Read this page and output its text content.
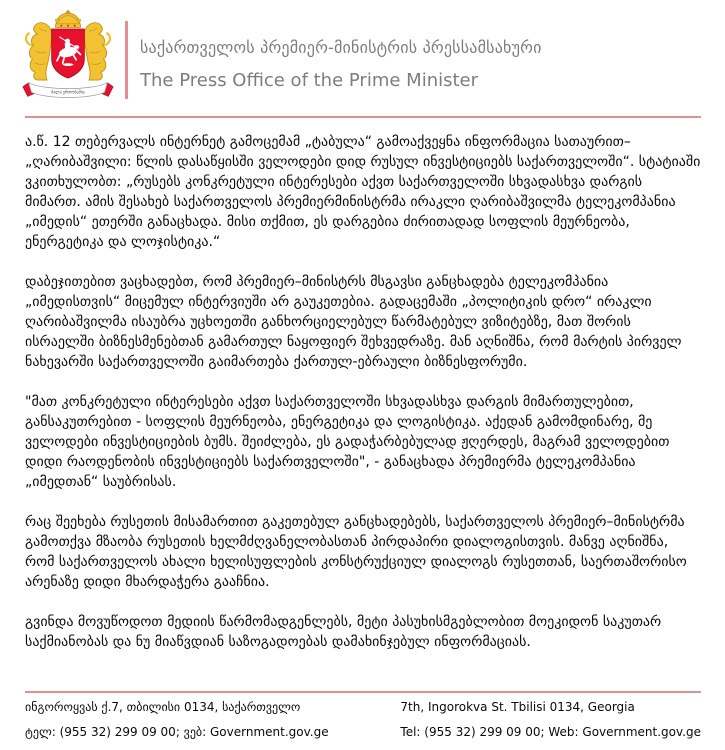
ძალა ერთობაშია
საქართველოს პრემიერ-მინისტრის პრესსამსახური
The Press Office of the Prime Minister

ა.წ. 12 თებერვალს ინტერნეტ გამოცემამ „ტაბულა“ გამოაქვეყნა ინფორმაცია სათაურით–„ღარიბაშვილი: წლის დასაწყისში ველოდები დიდ რუსულ ინვესტიციებს საქართველოში“. სტატიაში ვკითხულობთ: „რუსებს კონკრეტული ინტერესები აქვთ საქართველოში სხვადასხვა დარგის მიმართ. ამის შესახებ საქართველოს პრემიერმინისტრმა ირაკლი ღარიბაშვილმა ტელეკომპანია „იმედის“ ეთერში განაცხადა. მისი თქმით, ეს დარგებია ძირითადად სოფლის მეურნეობა, ენერგეტიკა და ლოჯისტიკა.“

დაბეჯითებით ვაცხადებთ, რომ პრემიერ–მინისტრს მსგავსი განცხადება ტელეკომპანია „იმედისთვის“ მიცემულ ინტერვიუში არ გაუკეთებია. გადაცემაში „პოლიტიკის დრო“ ირაკლი ღარიბაშვილმა ისაუბრა უცხოეთში განხორციელებულ წარმატებულ ვიზიტებზე, მათ შორის ისრაელში ბიზნესმენებთან გამართულ ნაყოფიერ შეხვედრაზე. მან აღნიშნა, რომ მარტის პირველ ნახევარში საქართველოში გაიმართება ქართულ-ებრაული ბიზნესფორუმი.

"მათ კონკრეტული ინტერესები აქვთ საქართველოში სხვადასხვა დარგის მიმართულებით, განსაკუთრებით - სოფლის მეურნეობა, ენერგეტიკა და ლოგისტიკა. აქედან გამომდინარე, მე ველოდები ინვესტიციების ბუმს. შეიძლება, ეს გადაჭარბებულად ჟღერდეს, მაგრამ ველოდებით დიდი რაოდენობის ინვესტიციებს საქართველოში", - განაცხადა პრემიერმა ტელეკომპანია „იმედთან“ საუბრისას.

რაც შეეხება რუსეთის მისამართით გაკეთებულ განცხადებებს, საქართველოს პრემიერ–მინისტრმა გამოთქვა მზაობა რუსეთის ხელმძღვანელობასთან პირდაპირი დიალოგისთვის. მანვე აღნიშნა, რომ საქართველოს ახალი ხელისუფლების კონსტრუქციულ დიალოგს რუსეთთან, საერთაშორისო არენაზე დიდი მხარდაჭერა გააჩნია.

გვინდა მოვუწოდოთ მედიის წარმომადგენლებს, მეტი პასუხისმგებლობით მოეკიდონ საკუთარ საქმიანობას და ნუ მიაწვდიან საზოგადოებას დამახინჯებულ ინფორმაციას.

ინგოროყვას ქ.7, თბილისი 0134, საქართველო
ტელ: (955 32) 299 09 00; ვებ: Government.gov.ge
7th, Ingorokva St. Tbilisi 0134, Georgia
Tel: (955 32) 299 09 00; Web: Government.gov.ge
